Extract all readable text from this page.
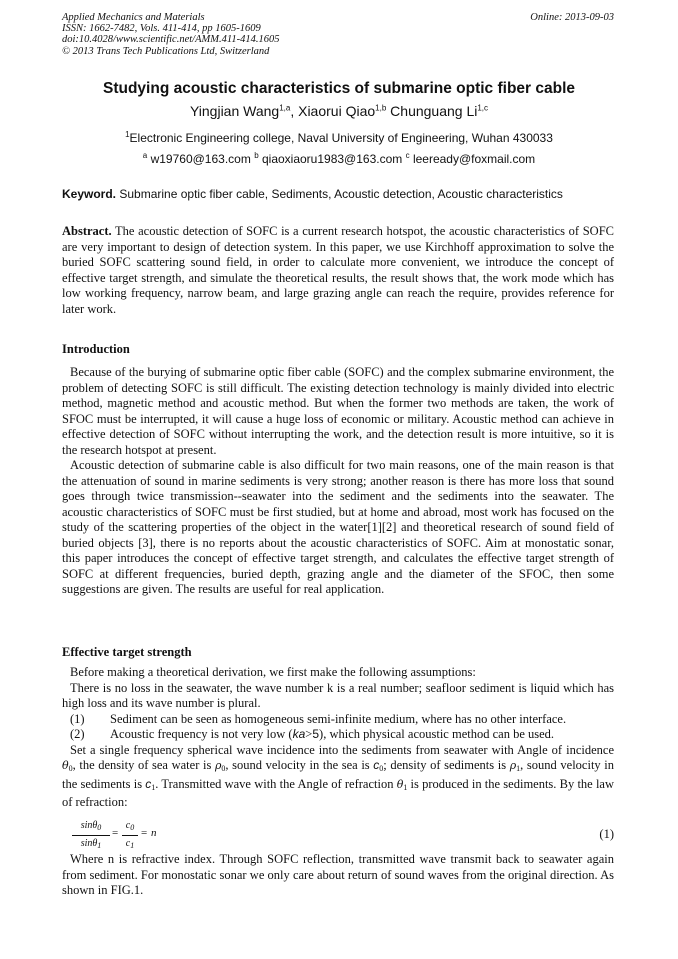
Applied Mechanics and Materials
ISSN: 1662-7482, Vols. 411-414, pp 1605-1609
doi:10.4028/www.scientific.net/AMM.411-414.1605
© 2013 Trans Tech Publications Ltd, Switzerland
Online: 2013-09-03
Studying acoustic characteristics of submarine optic fiber cable
Yingjian Wang$^{1,a}$, Xiaorui Qiao$^{1,b}$ Chunguang Li$^{1,c}$
$^1$Electronic Engineering college, Naval University of Engineering, Wuhan 430033
$^a$ w19760@163.com $^b$ qiaoxiaoru1983@163.com $^c$ leeready@foxmail.com
Keyword. Submarine optic fiber cable, Sediments, Acoustic detection, Acoustic characteristics
Abstract. The acoustic detection of SOFC is a current research hotspot, the acoustic characteristics of SOFC are very important to design of detection system. In this paper, we use Kirchhoff approximation to solve the buried SOFC scattering sound field, in order to calculate more convenient, we introduce the concept of effective target strength, and simulate the theoretical results, the result shows that, the work mode which has low working frequency, narrow beam, and large grazing angle can reach the require, provides reference for later work.
Introduction

Because of the burying of submarine optic fiber cable (SOFC) and the complex submarine environment, the problem of detecting SOFC is still difficult. The existing detection technology is mainly divided into electric method, magnetic method and acoustic method. But when the former two methods are taken, the work of SFOC must be interrupted, it will cause a huge loss of economic or military. Acoustic method can achieve in effective detection of SOFC without interrupting the work, and the detection result is more intuitive, so it is the research hotspot at present.

Acoustic detection of submarine cable is also difficult for two main reasons, one of the main reason is that the attenuation of sound in marine sediments is very strong; another reason is there has more loss that sound goes through twice transmission--seawater into the sediment and the sediments into the seawater. The acoustic characteristics of SOFC must be first studied, but at home and abroad, most work has focused on the study of the scattering properties of the object in the water[1][2] and theoretical research of sound field of buried objects [3], there is no reports about the acoustic characteristics of SOFC. Aim at monostatic sonar, this paper introduces the concept of effective target strength, and calculates the effective target strength of SOFC at different frequencies, buried depth, grazing angle and the diameter of the SFOC, then some suggestions are given. The results are useful for real application.

Effective target strength

Before making a theoretical derivation, we first make the following assumptions:

There is no loss in the seawater, the wave number k is a real number; seafloor sediment is liquid which has high loss and its wave number is plural.

(1) Sediment can be seen as homogeneous semi-infinite medium, where has no other interface.
(2) Acoustic frequency is not very low (ka>5), which physical acoustic method can be used.

Set a single frequency spherical wave incidence into the sediments from seawater with Angle of incidence $\theta_0$, the density of sea water is $\rho_0$, sound velocity in the sea is $c_0$; density of sediments is $\rho_1$, sound velocity in the sediments is $c_1$. Transmitted wave with the Angle of refraction $\theta_1$ is produced in the sediments. By the law of refraction:

sinθ$_0$
sinθ$_1$
=
$c_0$
$c_1$
= n	(1)

Where n is refractive index. Through SOFC reflection, transmitted wave transmit back to seawater again from sediment. For monostatic sonar we only care about return of sound waves from the original direction. As shown in FIG.1.
